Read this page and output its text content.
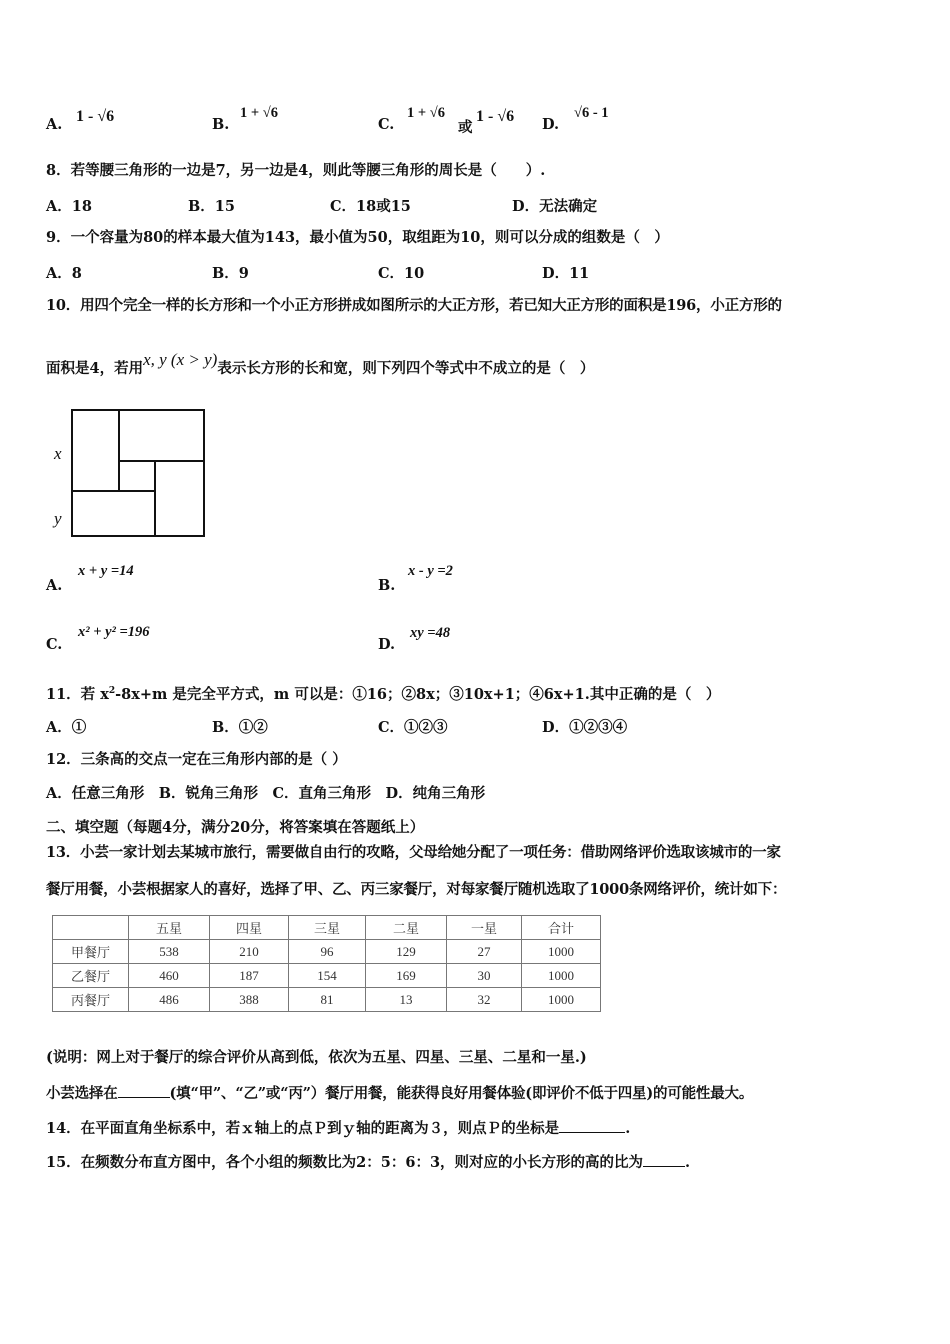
A. 1 - √6	B.
1 + √6
C.
1 + √6
或
1 - √6 D.
√6 - 1
8．若等腰三角形的一边是7，另一边是4，则此等腰三角形的周长是（　　）.
A．18	B．15	C．18或15	D．无法确定
9．一个容量为80的样本最大值为143，最小值为50，取组距为10，则可以分成的组数是（　）
A．8	B．9	C．10	D．11
10．用四个完全一样的长方形和一个小正方形拼成如图所示的大正方形，若已知大正方形的面积是196，小正方形的
面积是4，若用x, y (x > y)表示长方形的长和宽，则下列四个等式中不成立的是（　）
x
y
A.
x + y =14
B.
x - y =2
C.
x² + y² =196
D.
xy =48
11．若 $x^2-8x+m$ 是完全平方式，m 可以是：①16；②8x；③10x+1；④6x+1.其中正确的是（　）
A．①	B．①②	C．①②③	D．①②③④
12．三条高的交点一定在三角形内部的是（ ）
A．任意三角形　B．锐角三角形　C．直角三角形　D．纯角三角形
二、填空题（每题4分，满分20分，将答案填在答题纸上）
13．小芸一家计划去某城市旅行，需要做自由行的攻略，父母给她分配了一项任务：借助网络评价选取该城市的一家
餐厅用餐，小芸根据家人的喜好，选择了甲、乙、丙三家餐厅，对每家餐厅随机选取了1000条网络评价，统计如下：
	五星	四星	三星	二星	一星	合计
甲餐厅	538	210	96	129	27	1000
乙餐厅	460	187	154	169	30	1000
丙餐厅	486	388	81	13	32	1000
(说明：网上对于餐厅的综合评价从高到低，依次为五星、四星、三星、二星和一星.)
小芸选择在	(填“甲”、“乙”或“丙”）餐厅用餐，能获得良好用餐体验(即评价不低于四星)的可能性最大。
14．在平面直角坐标系中，若ｘ轴上的点Ｐ到ｙ轴的距离为３，则点Ｐ的坐标是	.
15．在频数分布直方图中，各个小组的频数比为2：5：6：3，则对应的小长方形的高的比为	.
